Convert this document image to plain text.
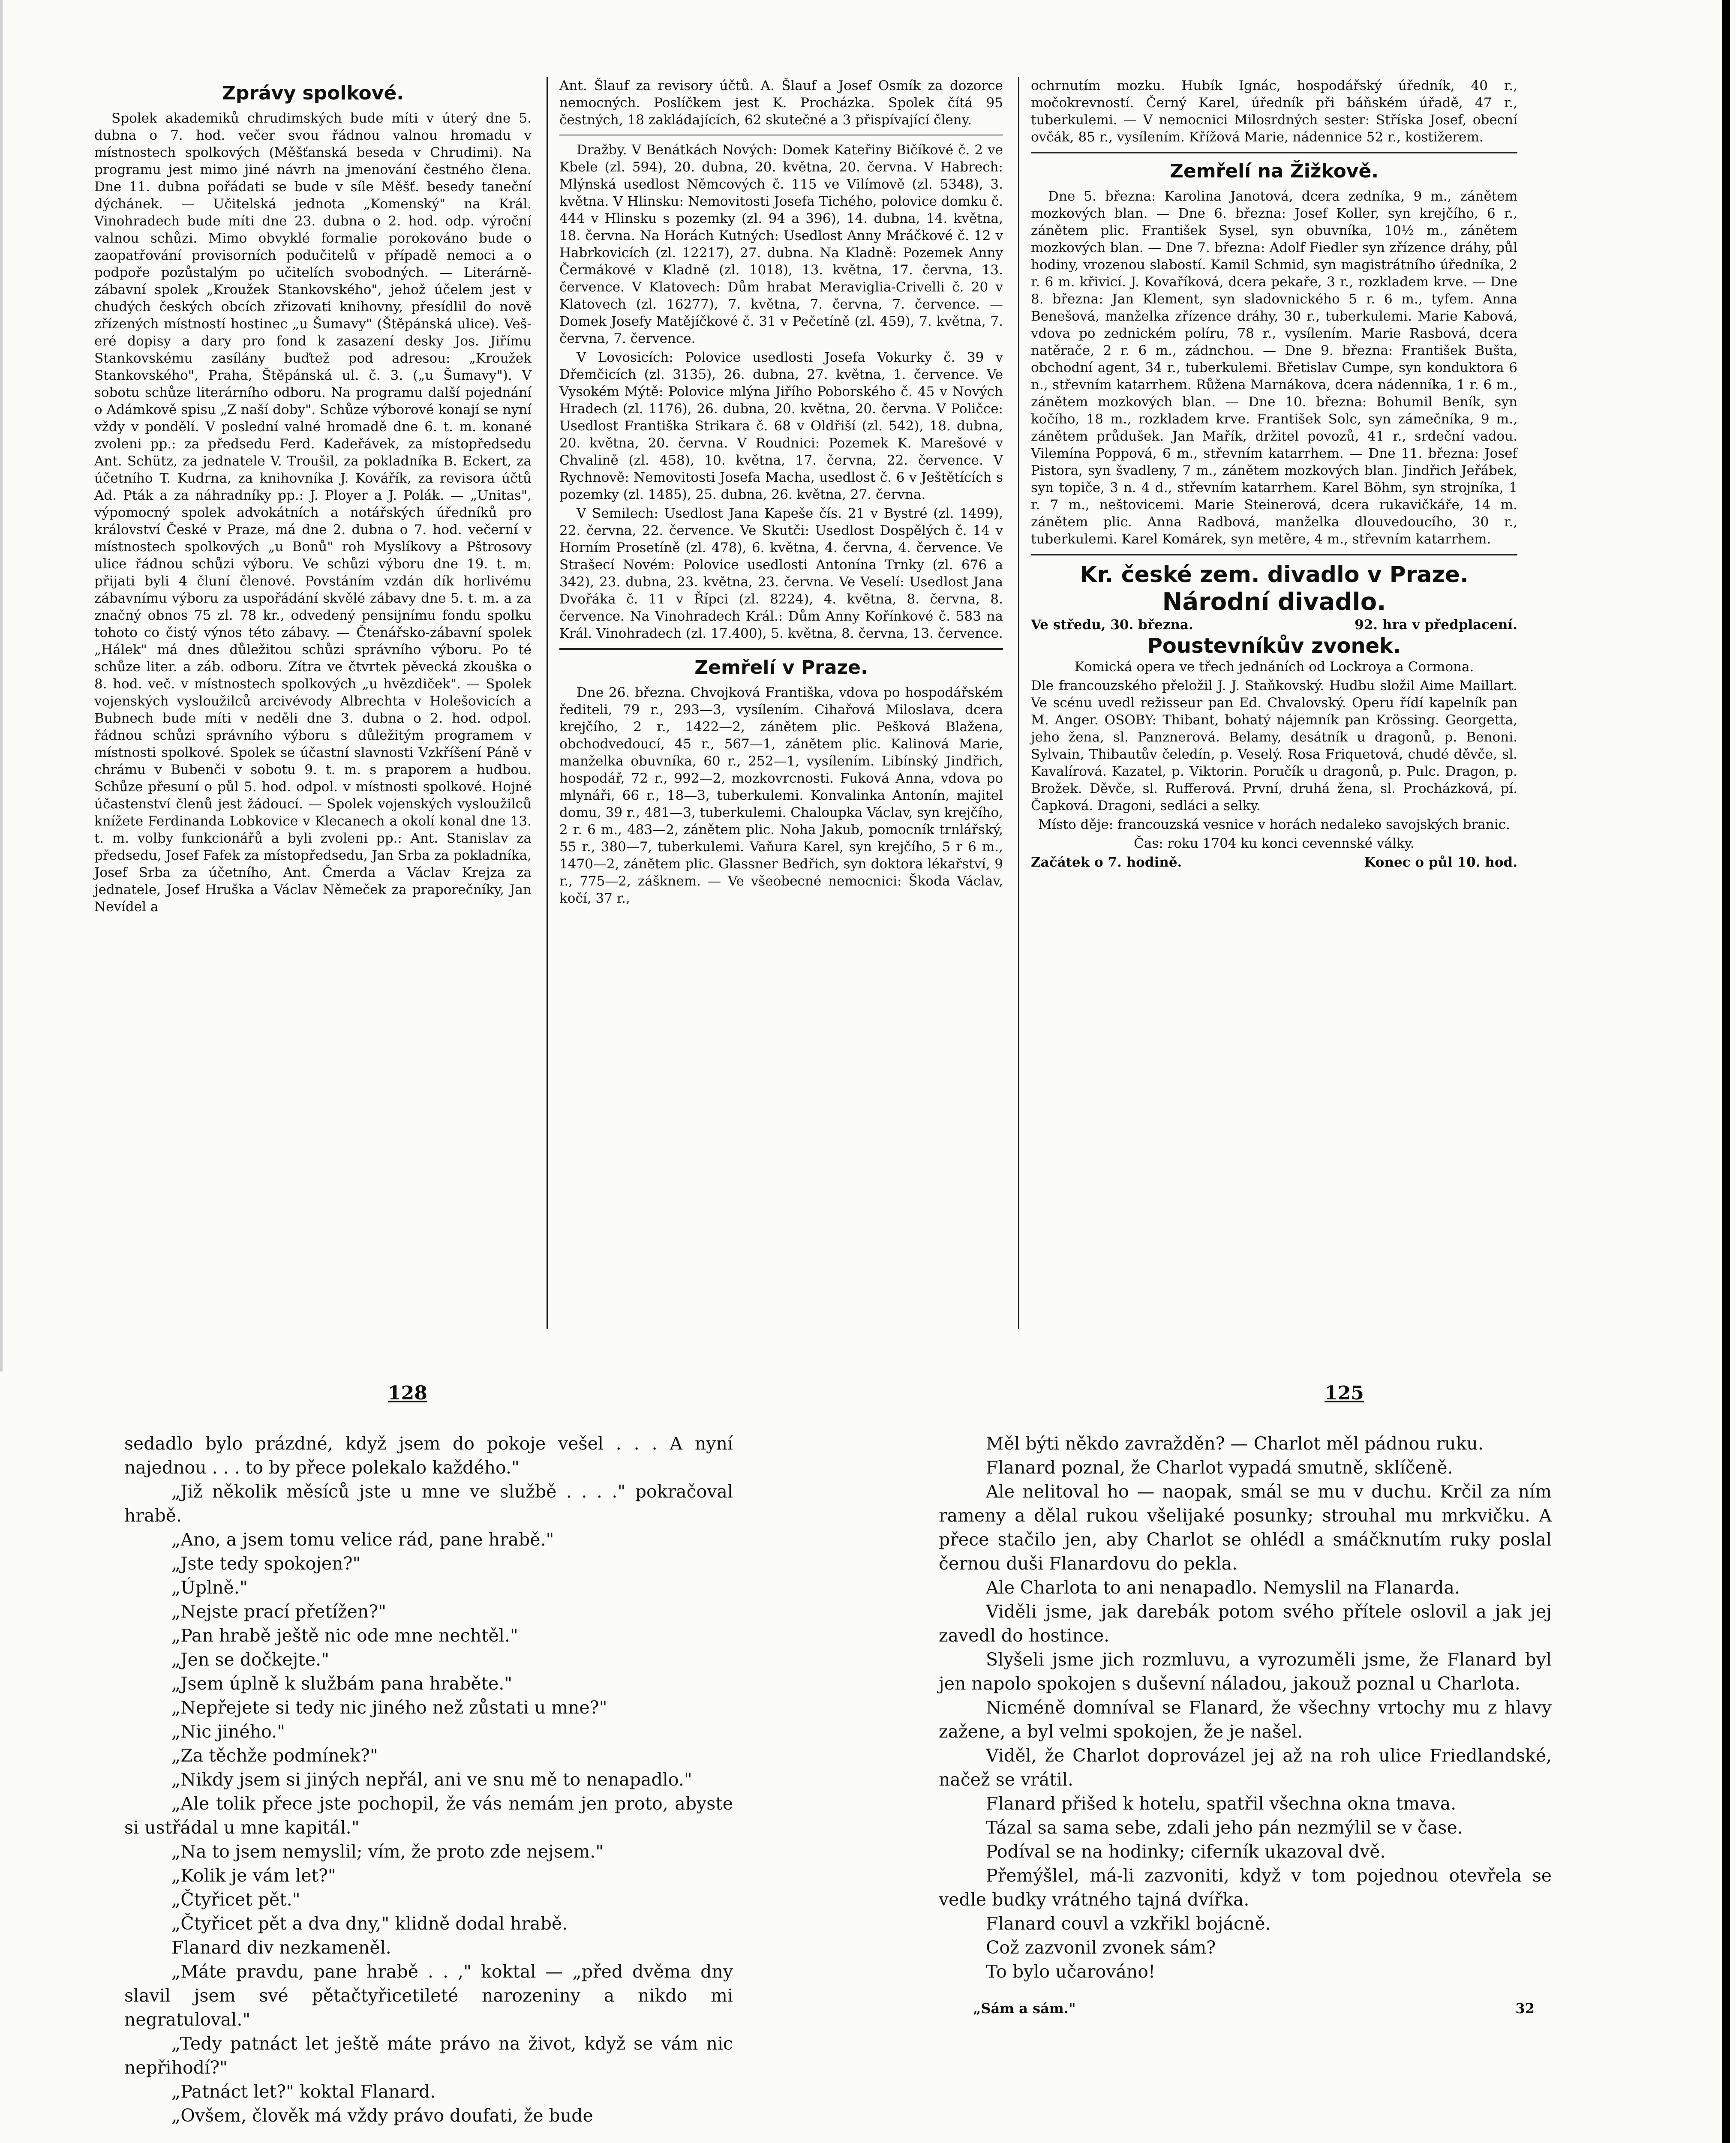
Zprávy spolkové.

Spolek akademiků chrudimských bude míti v úterý dne 5. dubna o 7. hod. večer svou řádnou valnou hromadu v místnostech spolkových (Měšťanská beseda v Chrudimi). Na programu jest mimo jiné návrh na jmenování čestného člena. Dne 11. dubna pořádati se bude v síle Měšť. besedy taneční dýchánek. — Učitelská jednota „Komenský" na Král. Vinohradech bude míti dne 23. dubna o 2. hod. odp. výroční valnou schůzi. Mimo obvyklé formalie porokováno bude o zaopatřování provisorních podučitelů v případě nemoci a o podpoře pozůstalým po učitelích svobodných. — Literárně-zábavní spolek „Kroužek Stankovského", jehož účelem jest v chudých českých obcích zřizovati knihovny, přesídlil do nově zřízených místností hostinec „u Šumavy" (Štěpánská ulice). Veš-eré dopisy a dary pro fond k zasazení desky Jos. Jiřímu Stankovskému zasílány buďtež pod adresou: „Kroužek Stankovského", Praha, Štěpánská ul. č. 3. („u Šumavy"). V sobotu schůze literárního odboru. Na programu další pojednání o Adámkově spisu „Z naší doby". Schůze výborové konají se nyní vždy v pondělí. V poslední valné hromadě dne 6. t. m. konané zvoleni pp.: za předsedu Ferd. Kadeřávek, za místopředsedu Ant. Schütz, za jednatele V. Troušil, za pokladníka B. Eckert, za účetního T. Kudrna, za knihovníka J. Kovářík, za revisora účtů Ad. Pták a za náhradníky pp.: J. Ployer a J. Polák. — „Unitas", výpomocný spolek advokátních a notářských úředníků pro království České v Praze, má dne 2. dubna o 7. hod. večerní v místnostech spolkových „u Bonů" roh Myslíkovy a Pštrosovy ulice řádnou schůzi výboru. Ve schůzi výboru dne 19. t. m. přijati byli 4 čluní členové. Povstáním vzdán dík horlivému zábavnímu výboru za uspořádání skvělé zábavy dne 5. t. m. a za značný obnos 75 zl. 78 kr., odvedený pensijnímu fondu spolku tohoto co čistý výnos této zábavy. — Čtenářsko-zábavní spolek „Hálek" má dnes důležitou schůzi správního výboru. Po té schůze liter. a záb. odboru. Zítra ve čtvrtek pěvecká zkouška o 8. hod. več. v místnostech spolkových „u hvězdiček". — Spolek vojenských vysloužilců arcivévody Albrechta v Holešovicích a Bubnech bude míti v neděli dne 3. dubna o 2. hod. odpol. řádnou schůzi správního výboru s důležitým programem v místnosti spolkové. Spolek se účastní slavnosti Vzkříšení Páně v chrámu v Bubenči v sobotu 9. t. m. s praporem a hudbou. Schůze přesuní o půl 5. hod. odpol. v místnosti spolkové. Hojné účastenství členů jest žádoucí. — Spolek vojenských vysloužilců knížete Ferdinanda Lobkovice v Klecanech a okolí konal dne 13. t. m. volby funkcionářů a byli zvoleni pp.: Ant. Stanislav za předsedu, Josef Fafek za místopředsedu, Jan Srba za pokladníka, Josef Srba za účetního, Ant. Čmerda a Václav Krejza za jednatele, Josef Hruška a Václav Němeček za praporečníky, Jan Nevídel a

Ant. Šlauf za revisory účtů. A. Šlauf a Josef Osmík za dozorce nemocných. Poslíčkem jest K. Procházka. Spolek čítá 95 čestných, 18 zakládajících, 62 skutečné a 3 přispívající členy.

Dražby. V Benátkách Nových: Domek Kateřiny Bičíkové č. 2 ve Kbele (zl. 594), 20. dubna, 20. května, 20. června. V Habrech: Mlýnská usedlost Němcových č. 115 ve Vilímově (zl. 5348), 3. května. V Hlinsku: Nemovitosti Josefa Tichého, polovice domku č. 444 v Hlinsku s pozemky (zl. 94 a 396), 14. dubna, 14. května, 18. června. Na Horách Kutných: Usedlost Anny Mráčkové č. 12 v Habrkovicích (zl. 12217), 27. dubna. Na Kladně: Pozemek Anny Čermákové v Kladně (zl. 1018), 13. května, 17. června, 13. července. V Klatovech: Dům hrabat Meraviglia-Crivelli č. 20 v Klatovech (zl. 16277), 7. května, 7. června, 7. července. — Domek Josefy Matějíčkové č. 31 v Pečetíně (zl. 459), 7. května, 7. června, 7. července.

V Lovosicích: Polovice usedlosti Josefa Vokurky č. 39 v Dřemčicích (zl. 3135), 26. dubna, 27. května, 1. července. Ve Vysokém Mýtě: Polovice mlýna Jiřího Poborského č. 45 v Nových Hradech (zl. 1176), 26. dubna, 20. května, 20. června. V Poličce: Usedlost Františka Strikara č. 68 v Oldřiší (zl. 542), 18. dubna, 20. května, 20. června. V Roudnici: Pozemek K. Marešové v Chvalině (zl. 458), 10. května, 17. června, 22. července. V Rychnově: Nemovitosti Josefa Macha, usedlost č. 6 v Ještětících s pozemky (zl. 1485), 25. dubna, 26. května, 27. června.

V Semilech: Usedlost Jana Kapeše čís. 21 v Bystré (zl. 1499), 22. června, 22. července. Ve Skutči: Usedlost Dospělých č. 14 v Horním Prosetíně (zl. 478), 6. května, 4. června, 4. července. Ve Strašecí Novém: Polovice usedlosti Antonína Trnky (zl. 676 a 342), 23. dubna, 23. května, 23. června. Ve Veselí: Usedlost Jana Dvořáka č. 11 v Řípci (zl. 8224), 4. května, 8. června, 8. července. Na Vinohradech Král.: Dům Anny Kořínkové č. 583 na Král. Vinohradech (zl. 17.400), 5. května, 8. června, 13. července.

Zemřelí v Praze.

Dne 26. března. Chvojková Františka, vdova po hospodářském řediteli, 79 r., 293—3, vysílením. Cihařová Miloslava, dcera krejčího, 2 r., 1422—2, zánětem plic. Pešková Blažena, obchodvedoucí, 45 r., 567—1, zánětem plic. Kalinová Marie, manželka obuvníka, 60 r., 252—1, vysílením. Libínský Jindřich, hospodář, 72 r., 992—2, mozkovrcnosti. Fuková Anna, vdova po mlynáři, 66 r., 18—3, tuberkulemi. Konvalinka Antonín, majitel domu, 39 r., 481—3, tuberkulemi. Chaloupka Václav, syn krejčího, 2 r. 6 m., 483—2, zánětem plic. Noha Jakub, pomocník trnlářský, 55 r., 380—7, tuberkulemi. Vaňura Karel, syn krejčího, 5 r 6 m., 1470—2, zánětem plic. Glassner Bedřich, syn doktora lékařství, 9 r., 775—2, zášknem. — Ve všeobecné nemocnici: Škoda Václav, kočí, 37 r.,

ochrnutím mozku. Hubík Ignác, hospodářský úředník, 40 r., močokrevností. Černý Karel, úředník při báňském úřadě, 47 r., tuberkulemi. — V nemocnici Milosrdných sester: Stříska Josef, obecní ovčák, 85 r., vysílením. Křížová Marie, nádennice 52 r., kostižerem.

Zemřelí na Žižkově.

Dne 5. března: Karolina Janotová, dcera zedníka, 9 m., zánětem mozkových blan. — Dne 6. března: Josef Koller, syn krejčího, 6 r., zánětem plic. František Sysel, syn obuvníka, 10½ m., zánětem mozkových blan. — Dne 7. března: Adolf Fiedler syn zřízence dráhy, půl hodiny, vrozenou slabostí. Kamil Schmid, syn magistrátního úředníka, 2 r. 6 m. křivicí. J. Kovaříková, dcera pekaře, 3 r., rozkladem krve. — Dne 8. března: Jan Klement, syn sladovnického 5 r. 6 m., tyfem. Anna Benešová, manželka zřízence dráhy, 30 r., tuberkulemi. Marie Kabová, vdova po zednickém políru, 78 r., vysílením. Marie Rasbová, dcera natěrače, 2 r. 6 m., zádnchou. — Dne 9. března: František Bušta, obchodní agent, 34 r., tuberkulemi. Břetislav Cumpe, syn konduktora 6 n., střevním katarrhem. Růžena Marnákova, dcera nádenníka, 1 r. 6 m., zánětem mozkových blan. — Dne 10. března: Bohumil Beník, syn kočího, 18 m., rozkladem krve. František Solc, syn zámečníka, 9 m., zánětem průdušek. Jan Mařík, držitel povozů, 41 r., srdeční vadou. Vilemína Poppová, 6 m., střevním katarrhem. — Dne 11. března: Josef Pistora, syn švadleny, 7 m., zánětem mozkových blan. Jindřich Jeřábek, syn topiče, 3 n. 4 d., střevním katarrhem. Karel Böhm, syn strojníka, 1 r. 7 m., neštovicemi. Marie Steinerová, dcera rukavičkáře, 14 m. zánětem plic. Anna Radbová, manželka dlouvedoucího, 30 r., tuberkulemi. Karel Komárek, syn metěre, 4 m., střevním katarrhem.

Kr. české zem. divadlo v Praze.
Národní divadlo.
Ve středu, 30. března.	92. hra v předplacení.
Poustevníkův zvonek.

Komická opera ve třech jednáních od Lockroya a Cormona.

Dle francouzského přeložil J. J. Staňkovský. Hudbu složil Aime Maillart. Ve scénu uvedl režisseur pan Ed. Chvalovský. Operu řídí kapelník pan M. Anger. OSOBY: Thibant, bohatý nájemník pan Krössing. Georgetta, jeho žena, sl. Panznerová. Belamy, desátník u dragonů, p. Benoni. Sylvain, Thibautův čeledín, p. Veselý. Rosa Friquetová, chudé děvče, sl. Kavalírová. Kazatel, p. Viktorin. Poručík u dragonů, p. Pulc. Dragon, p. Brožek. Děvče, sl. Rufferová. První, druhá žena, sl. Procházková, pí. Čapková. Dragoni, sedláci a selky.

Místo děje: francouzská vesnice v horách nedaleko savojských branic.

Čas: roku 1704 ku konci cevennské války.

Začátek o 7. hodině.	Konec o půl 10. hod.
128	125

sedadlo bylo prázdné, když jsem do pokoje vešel . . . A nyní najednou . . . to by přece polekalo každého."

„Již několik měsíců jste u mne ve službě . . . ." pokračoval hrabě.

„Ano, a jsem tomu velice rád, pane hrabě."

„Jste tedy spokojen?"

„Úplně."

„Nejste prací přetížen?"

„Pan hrabě ještě nic ode mne nechtěl."

„Jen se dočkejte."

„Jsem úplně k službám pana hraběte."

„Nepřejete si tedy nic jiného než zůstati u mne?"

„Nic jiného."

„Za těchže podmínek?"

„Nikdy jsem si jiných nepřál, ani ve snu mě to nenapadlo."

„Ale tolik přece jste pochopil, že vás nemám jen proto, abyste si ustřádal u mne kapitál."

„Na to jsem nemyslil; vím, že proto zde nejsem."

„Kolik je vám let?"

„Čtyřicet pět."

„Čtyřicet pět a dva dny," klidně dodal hrabě.

Flanard div nezkameněl.

„Máte pravdu, pane hrabě . . ," koktal — „před dvěma dny slavil jsem své pětačtyřicetileté narozeniny a nikdo mi negratuloval."

„Tedy patnáct let ještě máte právo na život, když se vám nic nepřihodí?"

„Patnáct let?" koktal Flanard.

„Ovšem, člověk má vždy právo doufati, že bude

Měl býti někdo zavražděn? — Charlot měl pádnou ruku.

Flanard poznal, že Charlot vypadá smutně, sklíčeně.

Ale nelitoval ho — naopak, smál se mu v duchu. Krčil za ním rameny a dělal rukou všelijaké posunky; strouhal mu mrkvičku. A přece stačilo jen, aby Charlot se ohlédl a smáčknutím ruky poslal černou duši Flanardovu do pekla.

Ale Charlota to ani nenapadlo. Nemyslil na Flanarda.

Viděli jsme, jak darebák potom svého přítele oslovil a jak jej zavedl do hostince.

Slyšeli jsme jich rozmluvu, a vyrozuměli jsme, že Flanard byl jen napolo spokojen s duševní náladou, jakouž poznal u Charlota.

Nicméně domníval se Flanard, že všechny vrtochy mu z hlavy zažene, a byl velmi spokojen, že je našel.

Viděl, že Charlot doprovázel jej až na roh ulice Friedlandské, načež se vrátil.

Flanard přišed k hotelu, spatřil všechna okna tmava.

Tázal sa sama sebe, zdali jeho pán nezmýlil se v čase.

Podíval se na hodinky; ciferník ukazoval dvě.

Přemýšlel, má-li zazvoniti, když v tom pojednou otevřela se vedle budky vrátného tajná dvířka.

Flanard couvl a vzkřikl bojácně.

Což zazvonil zvonek sám?

To bylo učarováno!

„Sám a sám."	32
